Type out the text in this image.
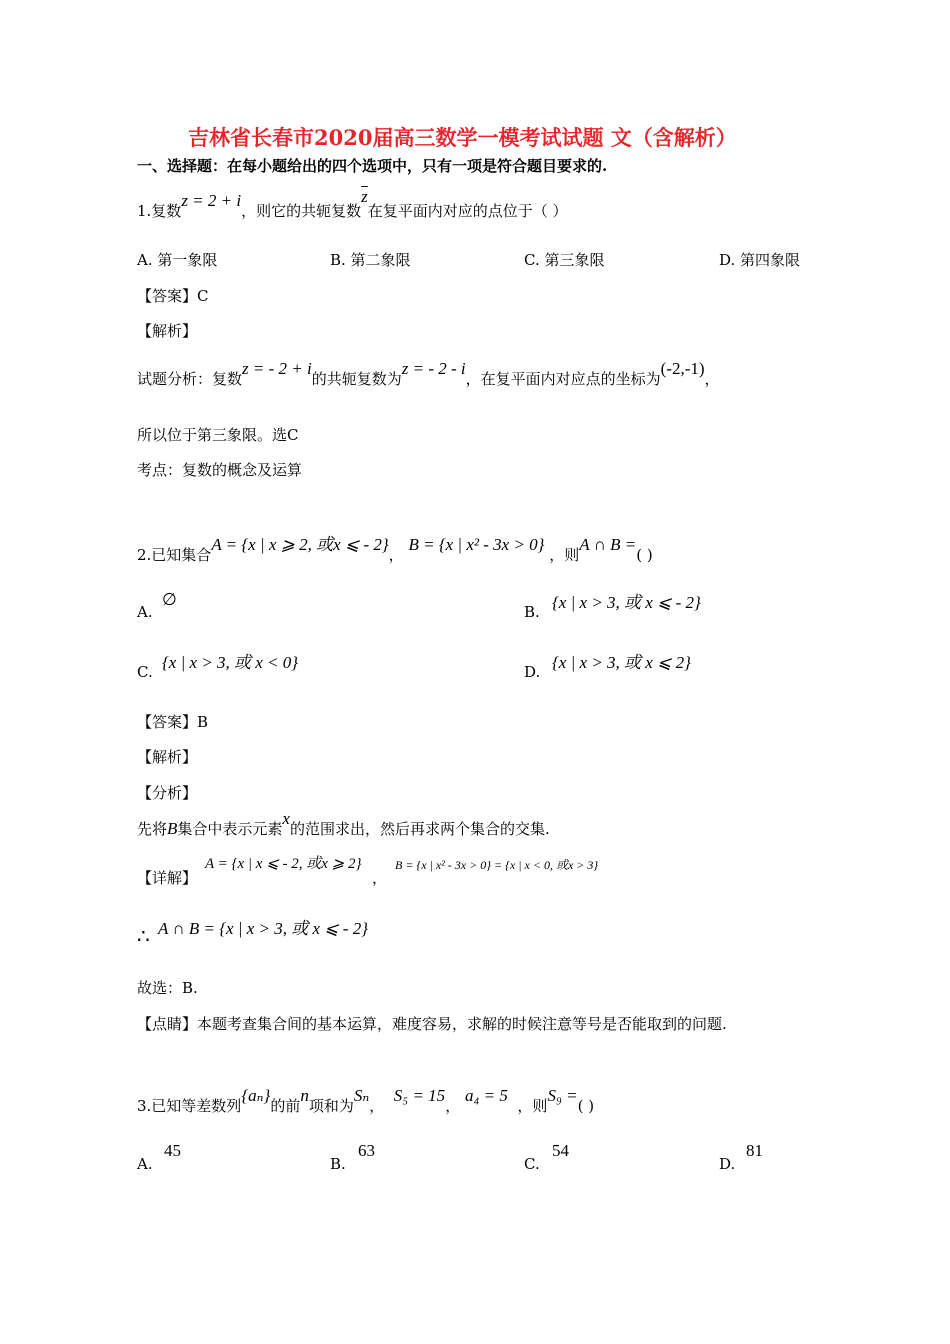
吉林省长春市2020届高三数学一模考试试题 文（含解析）
一、选择题：在每小题给出的四个选项中，只有一项是符合题目要求的.
1.复数z = 2 + i，则它的共轭复数$\overline{z}$在复平面内对应的点位于（ ）
A. 第一象限	B. 第二象限	C. 第三象限	D. 第四象限
【答案】C
【解析】
试题分析：复数z = - 2 + i的共轭复数为z = - 2 - i，在复平面内对应点的坐标为(-2,-1)，
所以位于第三象限。选C
考点：复数的概念及运算
2.已知集合A = {x | x ⩾ 2, 或x ⩽ - 2}， B = {x | x² - 3x > 0} ，则A ∩ B =( )
A.
∅
B. {x | x > 3, 或 x ⩽ - 2}
C. {x | x > 3, 或 x < 0}	D. {x | x > 3, 或 x ⩽ 2}
【答案】B
【解析】
【分析】
先将B集合中表示元素x的范围求出，然后再求两个集合的交集.
【详解】
A = {x | x ⩽ - 2, 或x ⩾ 2}
，
B = {x | x² - 3x > 0} = {x | x < 0, 或x > 3}
∴ A ∩ B = {x | x > 3, 或 x ⩽ - 2}
故选：B.
【点睛】本题考查集合间的基本运算，难度容易，求解的时候注意等号是否能取到的问题.
3.已知等差数列{aₙ}的前n项和为Sₙ，  S₅ = 15， a₄ = 5  ，则S₉ =( )
A.
45
B.
63
C.
54
D.
81
